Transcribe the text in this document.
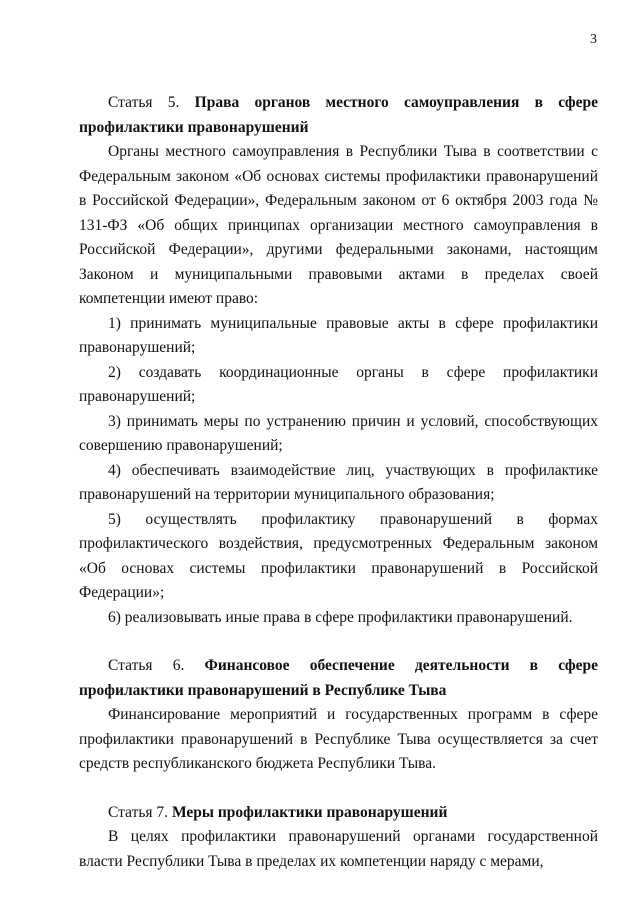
3

Статья 5. Права органов местного самоуправления в сфере профилактики правонарушений

Органы местного самоуправления в Республики Тыва в соответствии с Федеральным законом «Об основах системы профилактики правонарушений в Российской Федерации», Федеральным законом от 6 октября 2003 года № 131-ФЗ «Об общих принципах организации местного самоуправления в Российской Федерации», другими федеральными законами, настоящим Законом и муниципальными правовыми актами в пределах своей компетенции имеют право:

1) принимать муниципальные правовые акты в сфере профилактики правонарушений;

2) создавать координационные органы в сфере профилактики правонарушений;

3) принимать меры по устранению причин и условий, способствующих совершению правонарушений;

4) обеспечивать взаимодействие лиц, участвующих в профилактике правонарушений на территории муниципального образования;

5) осуществлять профилактику правонарушений в формах профилактического воздействия, предусмотренных Федеральным законом «Об основах системы профилактики правонарушений в Российской Федерации»;

6) реализовывать иные права в сфере профилактики правонарушений.

Статья 6. Финансовое обеспечение деятельности в сфере профилактики правонарушений в Республике Тыва

Финансирование мероприятий и государственных программ в сфере профилактики правонарушений в Республике Тыва осуществляется за счет средств республиканского бюджета Республики Тыва.

Статья 7. Меры профилактики правонарушений

В целях профилактики правонарушений органами государственной власти Республики Тыва в пределах их компетенции наряду с мерами,
